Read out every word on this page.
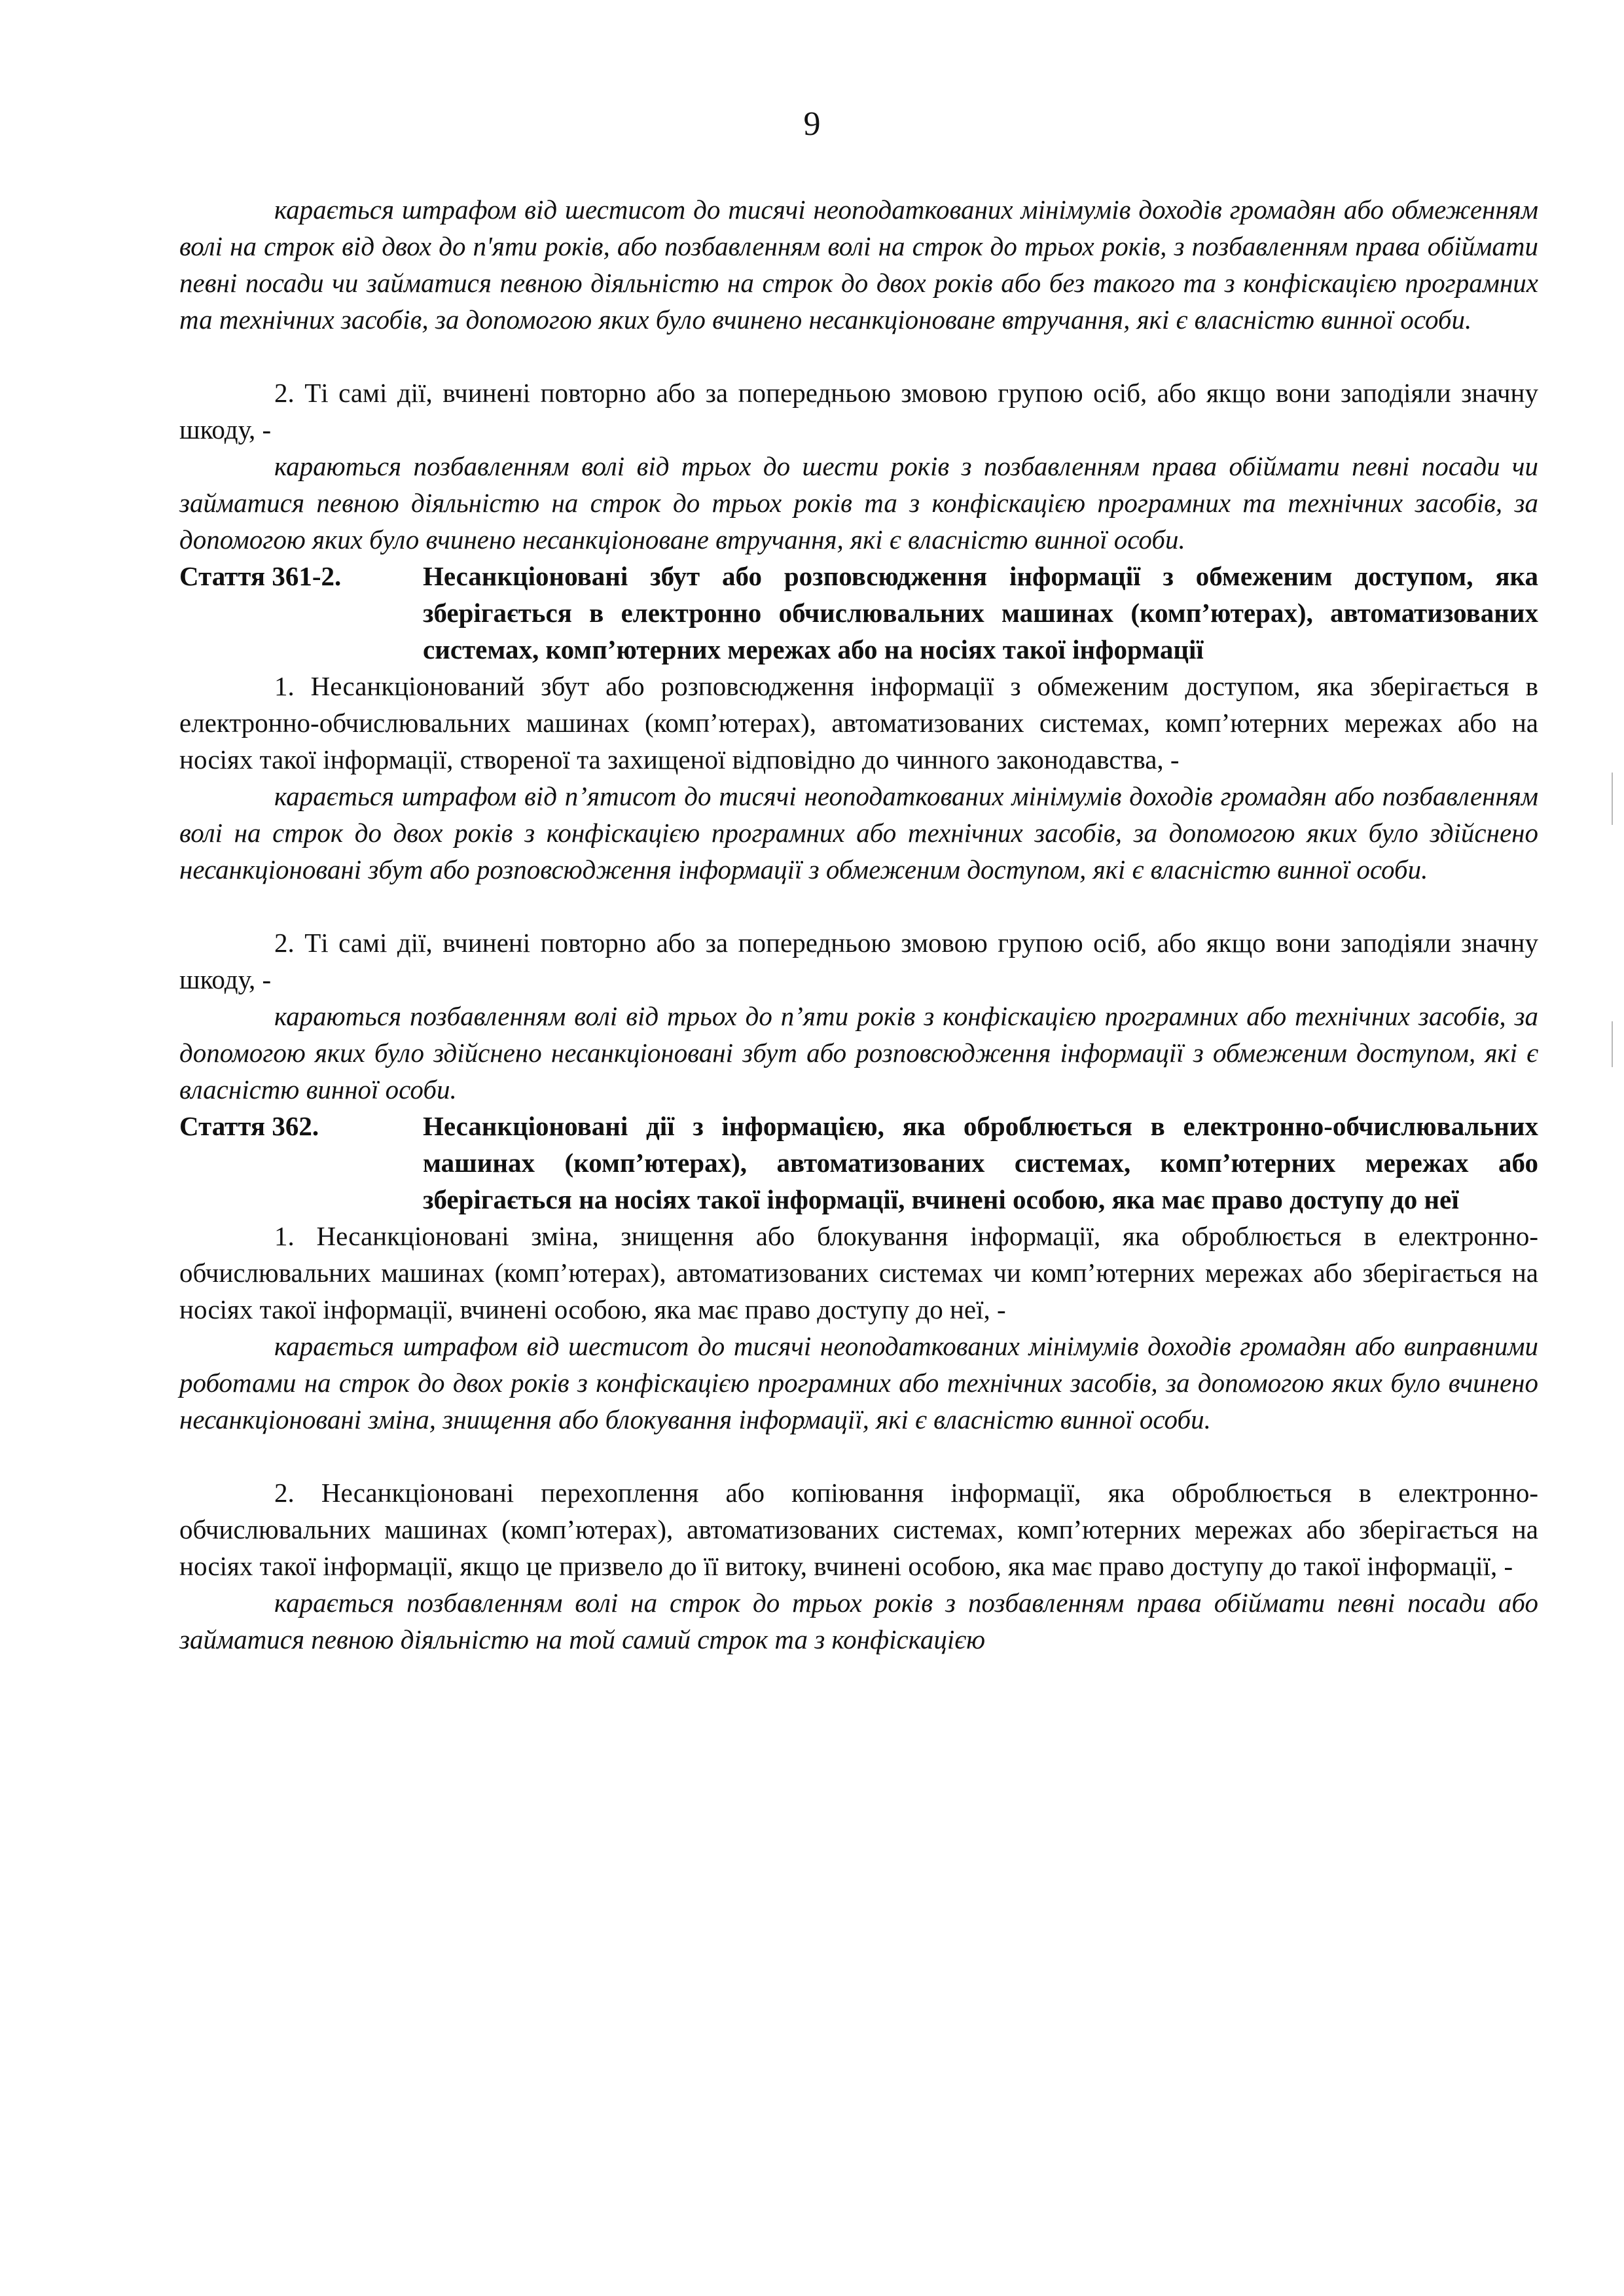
9

карається штрафом від шестисот до тисячі неоподаткованих мінімумів доходів громадян або обмеженням волі на строк від двох до п'яти років, або позбавленням волі на строк до трьох років, з позбавленням права обіймати певні посади чи займатися певною діяльністю на строк до двох років або без такого та з конфіскацією програмних та технічних засобів, за допомогою яких було вчинено несанкціоноване втручання, які є власністю винної особи.

2. Ті самі дії, вчинені повторно або за попередньою змовою групою осіб, або якщо вони заподіяли значну шкоду, -

караються позбавленням волі від трьох до шести років з позбавленням права обіймати певні посади чи займатися певною діяльністю на строк до трьох років та з конфіскацією програмних та технічних засобів, за допомогою яких було вчинено несанкціоноване втручання, які є власністю винної особи.

Стаття 361-2.	Несанкціоновані збут або розповсюдження інформації з обмеженим доступом, яка зберігається в електронно обчислювальних машинах (комп’ютерах), автоматизованих системах, комп’ютерних мережах або на носіях такої інформації

1. Несанкціонований збут або розповсюдження інформації з обмеженим доступом, яка зберігається в електронно-обчислювальних машинах (комп’ютерах), автоматизованих системах, комп’ютерних мережах або на носіях такої інформації, створеної та захищеної відповідно до чинного законодавства, -

карається штрафом від п’ятисот до тисячі неоподаткованих мінімумів доходів громадян або позбавленням волі на строк до двох років з конфіскацією програмних або технічних засобів, за допомогою яких було здійснено несанкціоновані збут або розповсюдження інформації з обмеженим доступом, які є власністю винної особи.

2. Ті самі дії, вчинені повторно або за попередньою змовою групою осіб, або якщо вони заподіяли значну шкоду, -

караються позбавленням волі від трьох до п’яти років з конфіскацією програмних або технічних засобів, за допомогою яких було здійснено несанкціоновані збут або розповсюдження інформації з обмеженим доступом, які є власністю винної особи.

Стаття 362.	Несанкціоновані дії з інформацією, яка оброблюється в електронно-обчислювальних машинах (комп’ютерах), автоматизованих системах, комп’ютерних мережах або зберігається на носіях такої інформації, вчинені особою, яка має право доступу до неї

1. Несанкціоновані зміна, знищення або блокування інформації, яка оброблюється в електронно- обчислювальних машинах (комп’ютерах), автоматизованих системах чи комп’ютерних мережах або зберігається на носіях такої інформації, вчинені особою, яка має право доступу до неї, -

карається штрафом від шестисот до тисячі неоподаткованих мінімумів доходів громадян або виправними роботами на строк до двох років з конфіскацією програмних або технічних засобів, за допомогою яких було вчинено несанкціоновані зміна, знищення або блокування інформації, які є власністю винної особи.

2. Несанкціоновані перехоплення або копіювання інформації, яка оброблюється в електронно-обчислювальних машинах (комп’ютерах), автоматизованих системах, комп’ютерних мережах або зберігається на носіях такої інформації, якщо це призвело до її витоку, вчинені особою, яка має право доступу до такої інформації, -

карається позбавленням волі на строк до трьох років з позбавленням права обіймати певні посади або займатися певною діяльністю на той самий строк та з конфіскацією
